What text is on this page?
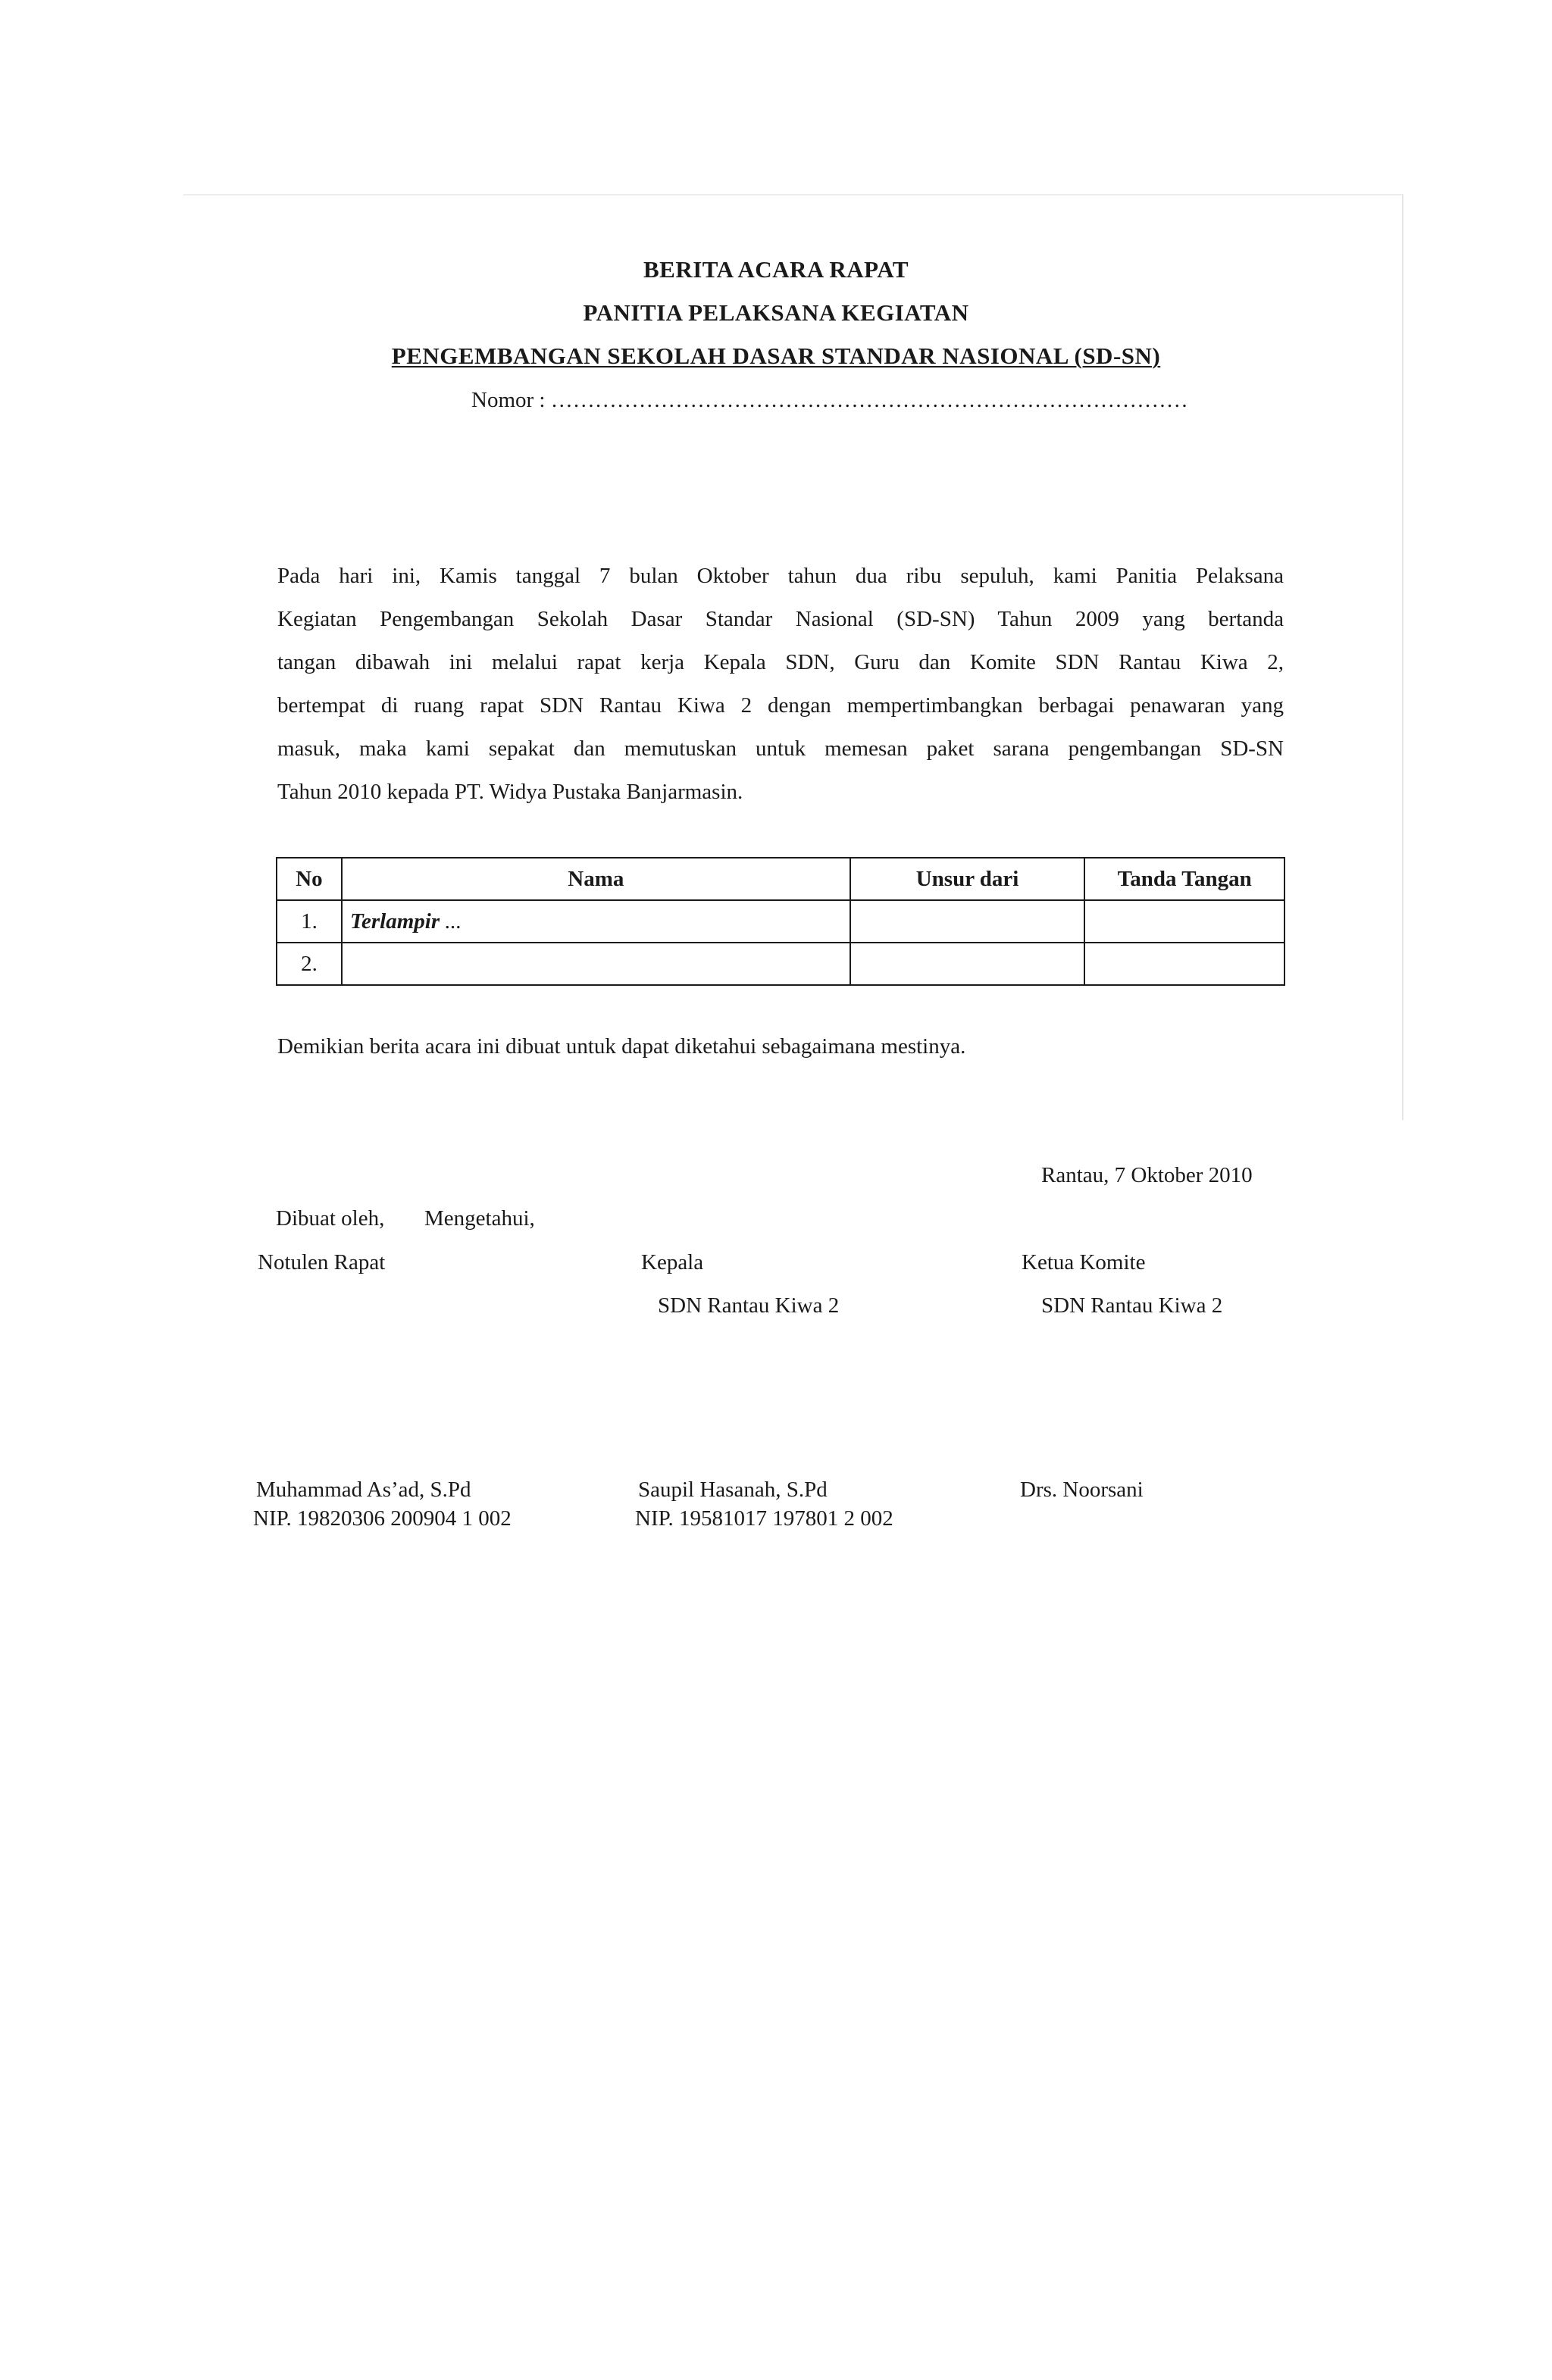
BERITA ACARA RAPAT
PANITIA PELAKSANA KEGIATAN
PENGEMBANGAN SEKOLAH DASAR STANDAR NASIONAL (SD-SN)
Nomor : ……………………………………………………………………………
Pada hari ini, Kamis tanggal 7 bulan Oktober tahun dua ribu sepuluh, kami Panitia Pelaksana
Kegiatan Pengembangan Sekolah Dasar Standar Nasional (SD-SN) Tahun 2009 yang bertanda
tangan dibawah ini melalui rapat kerja Kepala SDN, Guru dan Komite SDN Rantau Kiwa 2,
bertempat di ruang rapat SDN Rantau Kiwa 2 dengan mempertimbangkan berbagai penawaran yang
masuk, maka kami sepakat dan memutuskan untuk memesan paket sarana pengembangan SD-SN
Tahun 2010 kepada PT. Widya Pustaka Banjarmasin.
No	Nama	Unsur dari	Tanda Tangan
1.	Terlampir ...		
2.			
Demikian berita acara ini dibuat untuk dapat diketahui sebagaimana mestinya.
Rantau, 7 Oktober 2010
Dibuat oleh, Mengetahui,
Notulen Rapat	Kepala	Ketua Komite
SDN Rantau Kiwa 2	SDN Rantau Kiwa 2
Muhammad As’ad, S.Pd	Saupil Hasanah, S.Pd	Drs. Noorsani
NIP. 19820306 200904 1 002	NIP. 19581017 197801 2 002
